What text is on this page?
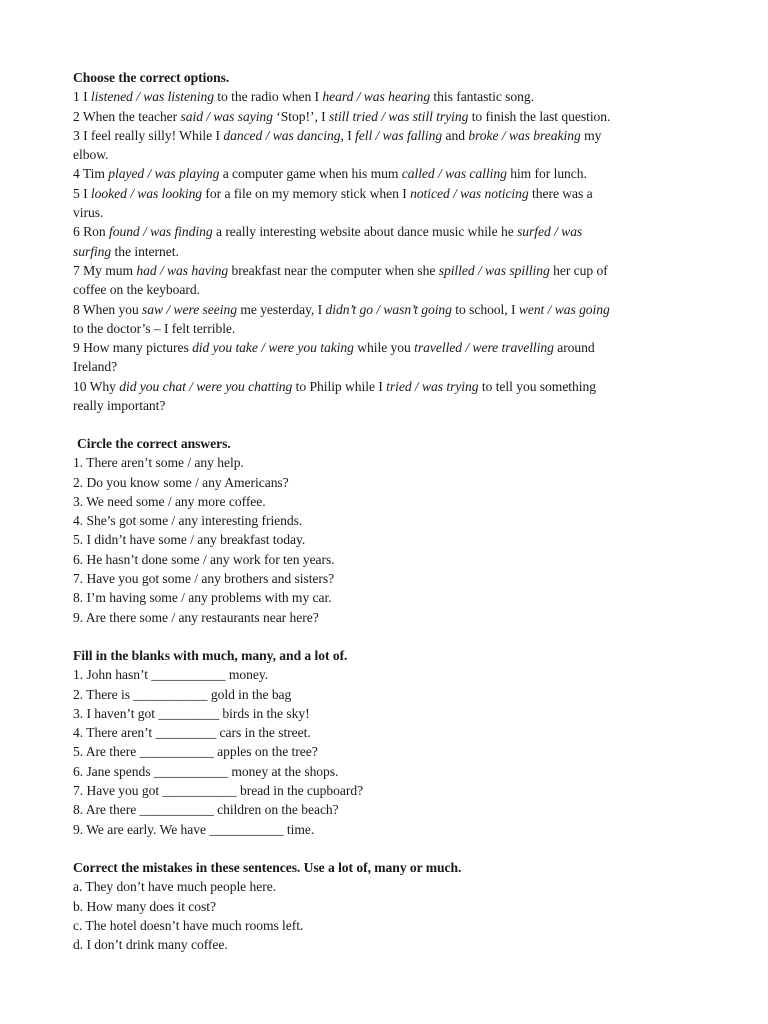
Choose the correct options.
1 I listened / was listening to the radio when I heard / was hearing this fantastic song.
2 When the teacher said / was saying ‘Stop!’, I still tried / was still trying to finish the last question.
3 I feel really silly! While I danced / was dancing, I fell / was falling and broke / was breaking my
elbow.
4 Tim played / was playing a computer game when his mum called / was calling him for lunch.
5 I looked / was looking for a file on my memory stick when I noticed / was noticing there was a
virus.
6 Ron found / was finding a really interesting website about dance music while he surfed / was
surfing the internet.
7 My mum had / was having breakfast near the computer when she spilled / was spilling her cup of
coffee on the keyboard.
8 When you saw / were seeing me yesterday, I didn’t go / wasn’t going to school, I went / was going
to the doctor’s – I felt terrible.
9 How many pictures did you take / were you taking while you travelled / were travelling around
Ireland?
10 Why did you chat / were you chatting to Philip while I tried / was trying to tell you something
really important?
Circle the correct answers.
1. There aren’t some / any help.
2. Do you know some / any Americans?
3. We need some / any more coffee.
4. She’s got some / any interesting friends.
5. I didn’t have some / any breakfast today.
6. He hasn’t done some / any work for ten years.
7. Have you got some / any brothers and sisters?
8. I’m having some / any problems with my car.
9. Are there some / any restaurants near here?
Fill in the blanks with much, many, and a lot of.
1. John hasn’t ___________ money.
2. There is ___________ gold in the bag
3. I haven’t got _________ birds in the sky!
4. There aren’t _________ cars in the street.
5. Are there ___________ apples on the tree?
6. Jane spends ___________ money at the shops.
7. Have you got ___________ bread in the cupboard?
8. Are there ___________ children on the beach?
9. We are early. We have ___________ time.
Correct the mistakes in these sentences. Use a lot of, many or much.
a. They don’t have much people here.
b. How many does it cost?
c. The hotel doesn’t have much rooms left.
d. I don’t drink many coffee.
